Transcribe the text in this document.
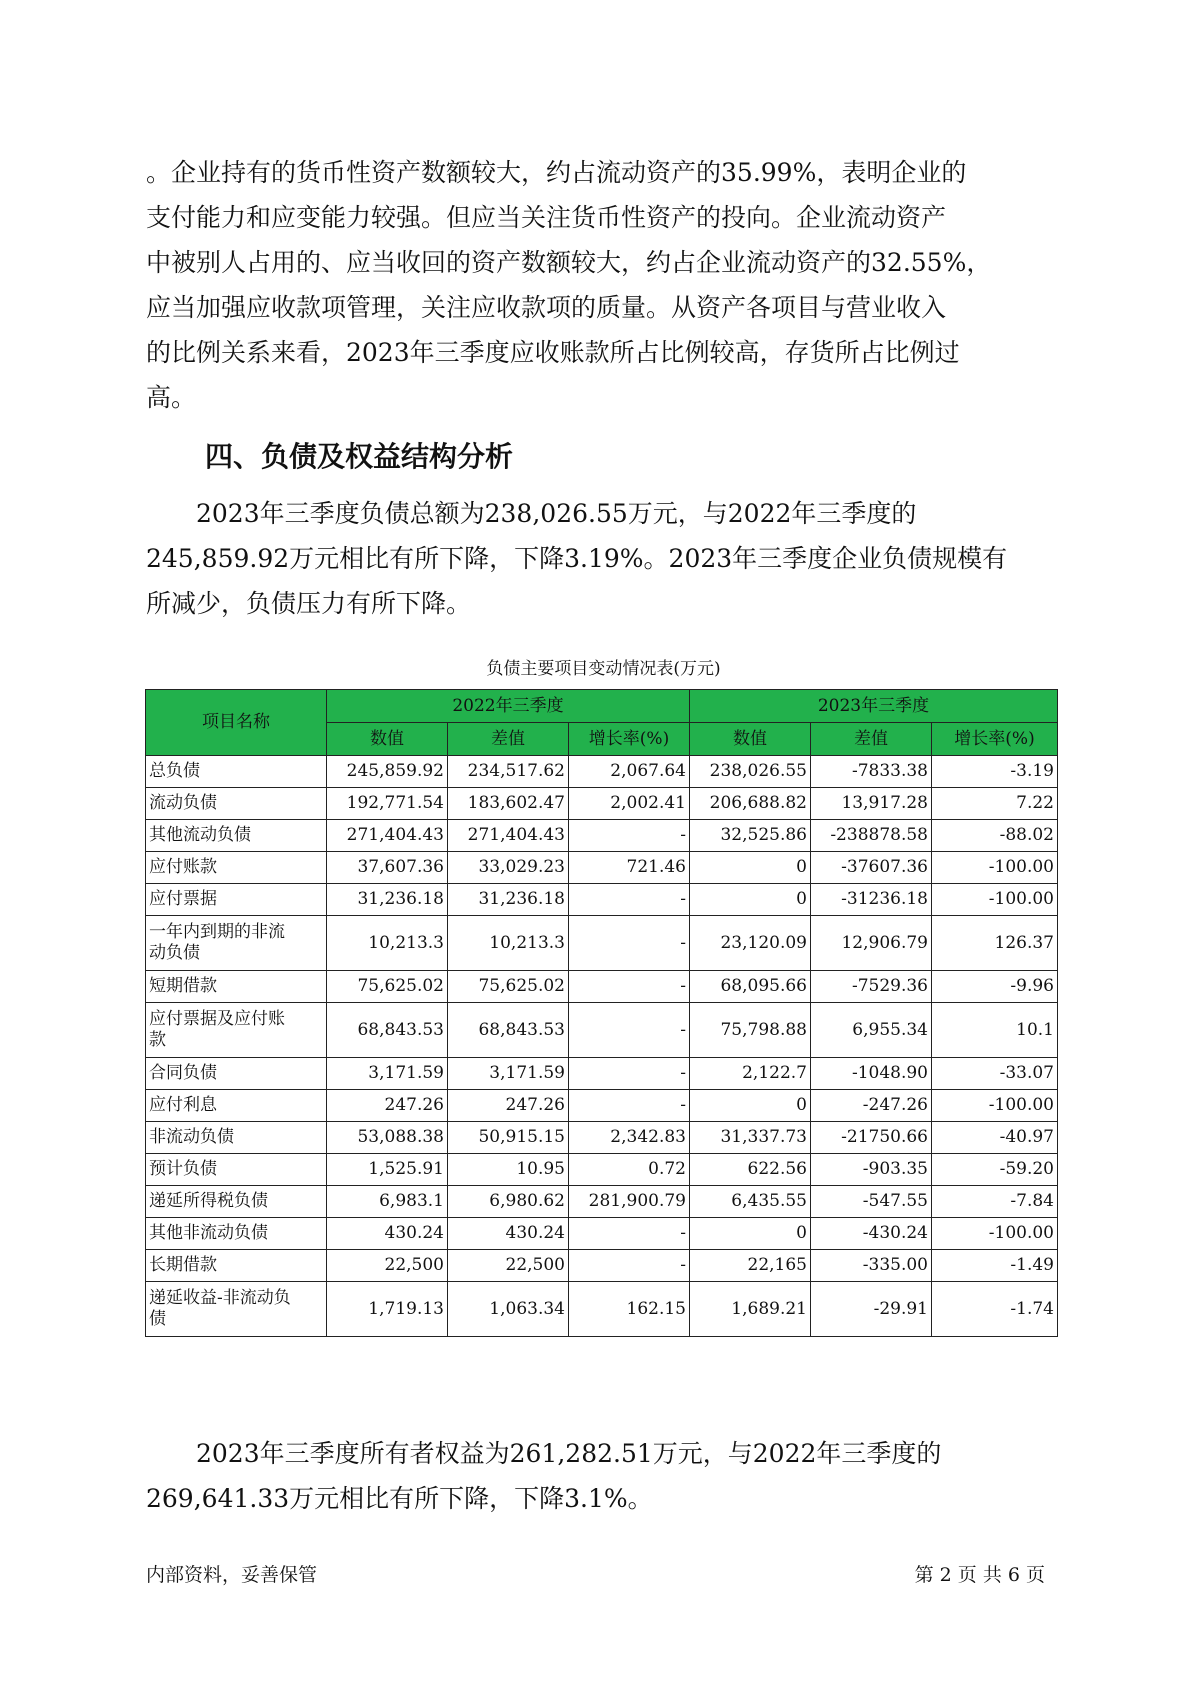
。企业持有的货币性资产数额较大，约占流动资产的35.99%，表明企业的
支付能力和应变能力较强。但应当关注货币性资产的投向。企业流动资产
中被别人占用的、应当收回的资产数额较大，约占企业流动资产的32.55%，
应当加强应收款项管理，关注应收款项的质量。从资产各项目与营业收入
的比例关系来看，2023年三季度应收账款所占比例较高，存货所占比例过
高。
四、负债及权益结构分析
2023年三季度负债总额为238,026.55万元，与2022年三季度的
245,859.92万元相比有所下降，下降3.19%。2023年三季度企业负债规模有
所减少，负债压力有所下降。
负债主要项目变动情况表(万元)
项目名称	2022年三季度			2023年三季度		
	数值	差值	增长率(%)	数值	差值	增长率(%)

总负债	245,859.92	234,517.62	2,067.64	238,026.55	-7833.38	-3.19

流动负债	192,771.54	183,602.47	2,002.41	206,688.82	13,917.28	7.22

其他流动负债	271,404.43	271,404.43	-	32,525.86	-238878.58	-88.02

应付账款	37,607.36	33,029.23	721.46	0	-37607.36	-100.00

应付票据	31,236.18	31,236.18	-	0	-31236.18	-100.00

一年内到期的非流
动负债	10,213.3	10,213.3	-	23,120.09	12,906.79	126.37

短期借款	75,625.02	75,625.02	-	68,095.66	-7529.36	-9.96

应付票据及应付账
款	68,843.53	68,843.53	-	75,798.88	6,955.34	10.1

合同负债	3,171.59	3,171.59	-	2,122.7	-1048.90	-33.07

应付利息	247.26	247.26	-	0	-247.26	-100.00

非流动负债	53,088.38	50,915.15	2,342.83	31,337.73	-21750.66	-40.97

预计负债	1,525.91	10.95	0.72	622.56	-903.35	-59.20

递延所得税负债	6,983.1	6,980.62	281,900.79	6,435.55	-547.55	-7.84

其他非流动负债	430.24	430.24	-	0	-430.24	-100.00

长期借款	22,500	22,500	-	22,165	-335.00	-1.49

递延收益-非流动负
债	1,719.13	1,063.34	162.15	1,689.21	-29.91	-1.74
2023年三季度所有者权益为261,282.51万元，与2022年三季度的
269,641.33万元相比有所下降，下降3.1%。
内部资料，妥善保管	第 2 页 共 6 页
